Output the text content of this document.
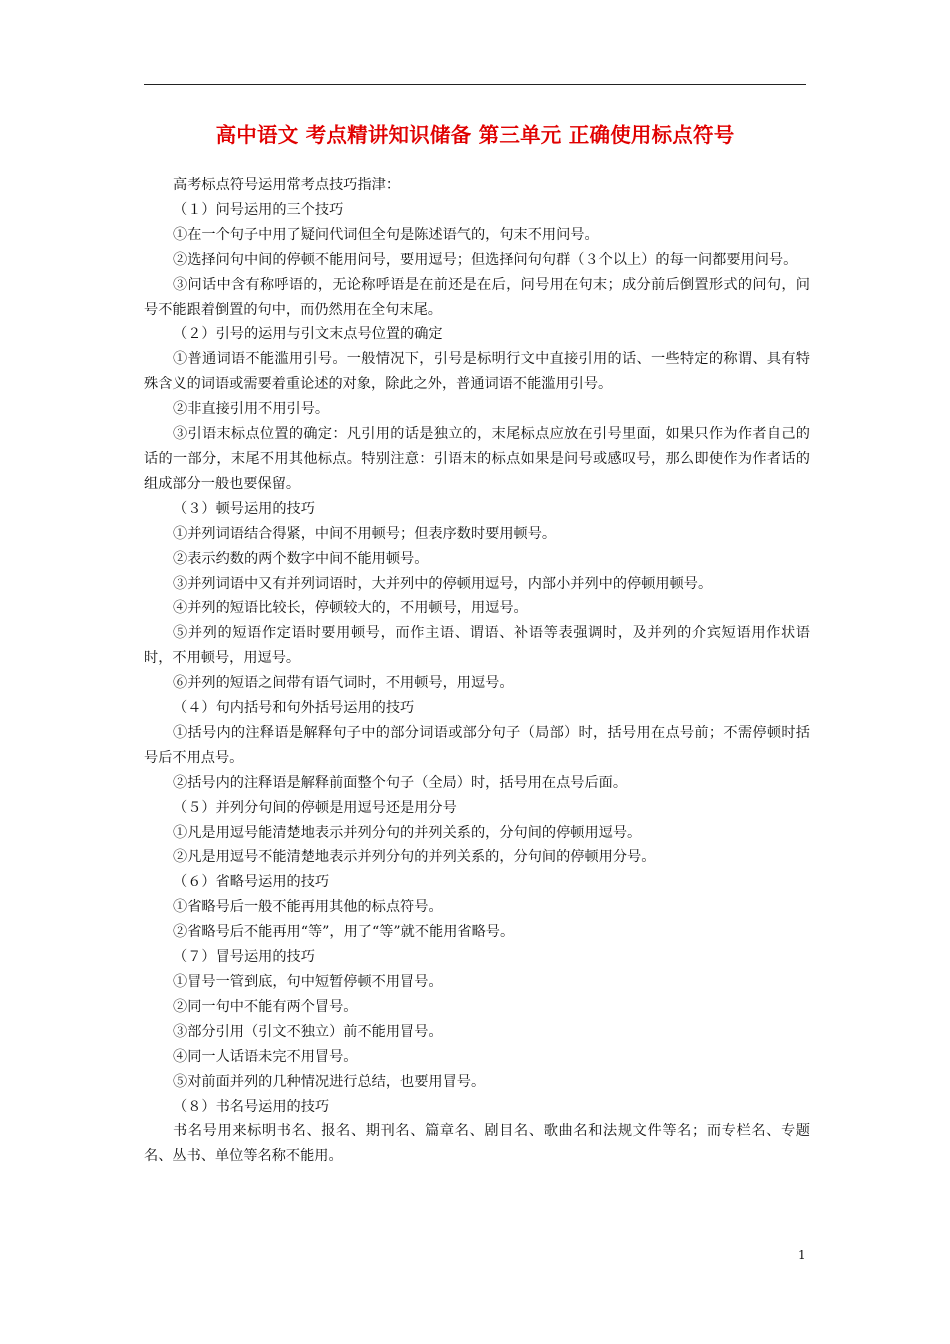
高中语文 考点精讲知识储备 第三单元 正确使用标点符号

高考标点符号运用常考点技巧指津：

（１）问号运用的三个技巧

①在一个句子中用了疑问代词但全句是陈述语气的，句末不用问号。

②选择问句中间的停顿不能用问号，要用逗号；但选择问句句群（３个以上）的每一问都要用问号。

③问话中含有称呼语的，无论称呼语是在前还是在后，问号用在句末；成分前后倒置形式的问句，问号不能跟着倒置的句中，而仍然用在全句末尾。

（２）引号的运用与引文末点号位置的确定

①普通词语不能滥用引号。一般情况下，引号是标明行文中直接引用的话、一些特定的称谓、具有特殊含义的词语或需要着重论述的对象，除此之外，普通词语不能滥用引号。

②非直接引用不用引号。

③引语末标点位置的确定：凡引用的话是独立的，末尾标点应放在引号里面，如果只作为作者自己的话的一部分，末尾不用其他标点。特别注意：引语末的标点如果是问号或感叹号，那么即使作为作者话的组成部分一般也要保留。

（３）顿号运用的技巧

①并列词语结合得紧，中间不用顿号；但表序数时要用顿号。

②表示约数的两个数字中间不能用顿号。

③并列词语中又有并列词语时，大并列中的停顿用逗号，内部小并列中的停顿用顿号。

④并列的短语比较长，停顿较大的，不用顿号，用逗号。

⑤并列的短语作定语时要用顿号，而作主语、谓语、补语等表强调时，及并列的介宾短语用作状语时，不用顿号，用逗号。

⑥并列的短语之间带有语气词时，不用顿号，用逗号。

（４）句内括号和句外括号运用的技巧

①括号内的注释语是解释句子中的部分词语或部分句子（局部）时，括号用在点号前；不需停顿时括号后不用点号。

②括号内的注释语是解释前面整个句子（全局）时，括号用在点号后面。

（５）并列分句间的停顿是用逗号还是用分号

①凡是用逗号能清楚地表示并列分句的并列关系的，分句间的停顿用逗号。

②凡是用逗号不能清楚地表示并列分句的并列关系的，分句间的停顿用分号。

（６）省略号运用的技巧

①省略号后一般不能再用其他的标点符号。

②省略号后不能再用“等”，用了“等”就不能用省略号。

（７）冒号运用的技巧

①冒号一管到底，句中短暂停顿不用冒号。

②同一句中不能有两个冒号。

③部分引用（引文不独立）前不能用冒号。

④同一人话语未完不用冒号。

⑤对前面并列的几种情况进行总结，也要用冒号。

（８）书名号运用的技巧

书名号用来标明书名、报名、期刊名、篇章名、剧目名、歌曲名和法规文件等名；而专栏名、专题名、丛书、单位等名称不能用。

1
